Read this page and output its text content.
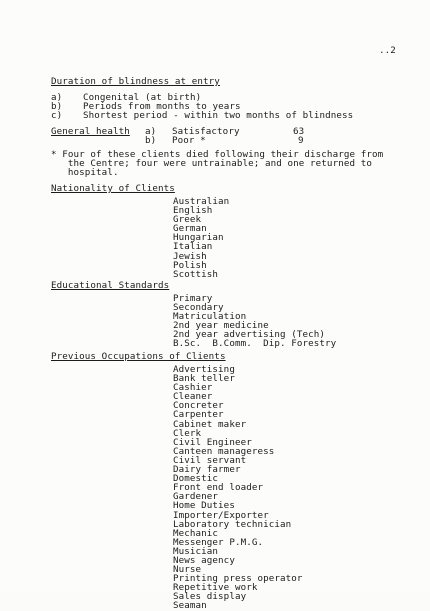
..2
Duration of blindness at entry
a) Congenital (at birth)
b) Periods from months to years
c) Shortest period - within two months of blindness
General health a) Satisfactory	63
b) Poor *	9
* Four of these clients died following their discharge from
the Centre; four were untrainable; and one returned to
hospital.
Nationality of Clients
Australian
English
Greek
German
Hungarian
Italian
Jewish
Polish
Scottish
Educational Standards
Primary
Secondary
Matriculation
2nd year medicine
2nd year advertising (Tech)
B.Sc.  B.Comm.  Dip. Forestry
Previous Occupations of Clients
Advertising
Bank teller
Cashier
Cleaner
Concreter
Carpenter
Cabinet maker
Clerk
Civil Engineer
Canteen manageress
Civil servant
Dairy farmer
Domestic
Front end loader
Gardener
Home Duties
Importer/Exporter
Laboratory technician
Mechanic
Messenger P.M.G.
Musician
News agency
Nurse
Printing press operator
Repetitive work
Sales display
Seaman
